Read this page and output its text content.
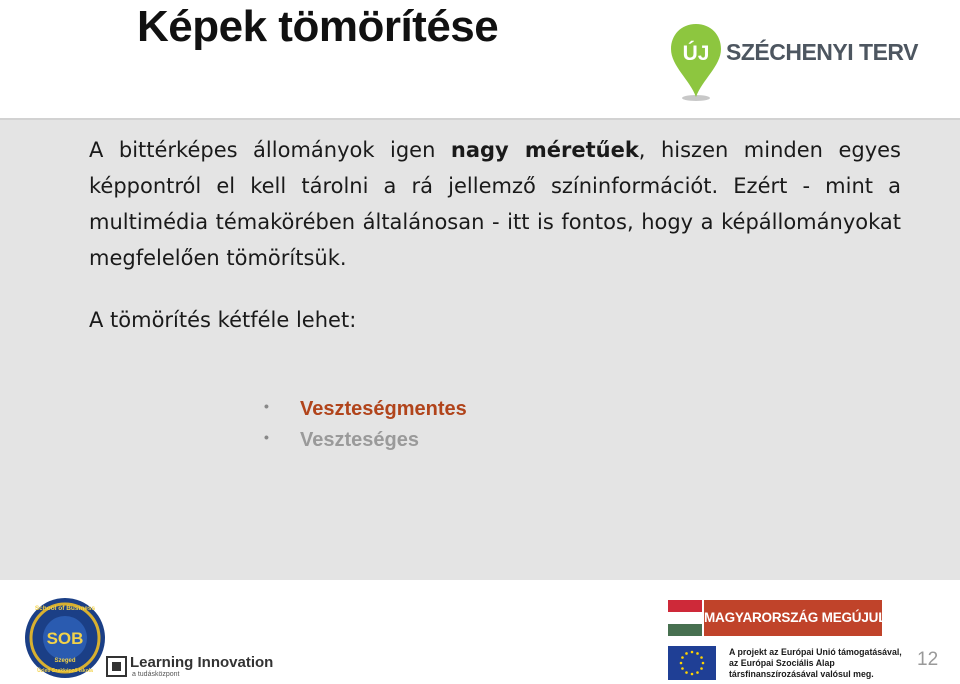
Képek tömörítése
ÚJ SZÉCHENYI TERV

A bittérképes állományok igen nagy méretűek, hiszen minden egyes képpontról el kell tárolni a rá jellemző színinformációt. Ezért - mint a multimédia témakörében általánosan - itt is fontos, hogy a képállományokat megfelelően tömörítsük.

A tömörítés kétféle lehet:

• Veszteségmentes
• Veszteséges
School of Business
SOB
Szeged
Üzleti Szakképző Iskola Learning Innovation
a tudásközpont
MAGYARORSZÁG MEGÚJUL
A projekt az Európai Unió támogatásával,
az Európai Szociális Alap
társfinanszírozásával valósul meg.
12
